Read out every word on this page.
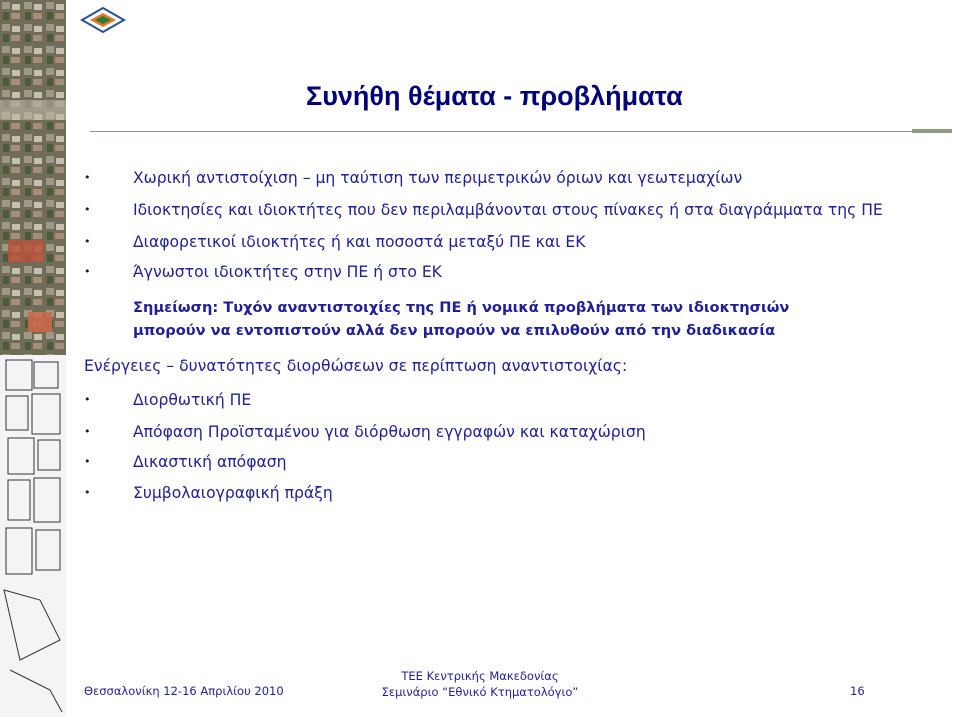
Συνήθη θέματα - προβλήματα
•	Χωρική αντιστοίχιση – μη ταύτιση των περιμετρικών όριων και γεωτεμαχίων
•	Ιδιοκτησίες και ιδιοκτήτες που δεν περιλαμβάνονται στους πίνακες ή στα διαγράμματα της ΠΕ
•	Διαφορετικοί ιδιοκτήτες ή και ποσοστά μεταξύ ΠΕ και ΕΚ
•	Άγνωστοι ιδιοκτήτες στην ΠΕ ή στο ΕΚ
Σημείωση: Τυχόν αναντιστοιχίες της ΠΕ ή νομικά προβλήματα των ιδιοκτησιών
μπορούν να εντοπιστούν αλλά δεν μπορούν να επιλυθούν από την διαδικασία
Ενέργειες – δυνατότητες διορθώσεων σε περίπτωση αναντιστοιχίας:
•	Διορθωτική ΠΕ
•	Απόφαση Προϊσταμένου για διόρθωση εγγραφών και καταχώριση
•	Δικαστική απόφαση
•	Συμβολαιογραφική πράξη
Θεσσαλονίκη 12-16 Απριλίου 2010
ΤΕΕ Κεντρικής Μακεδονίας
Σεμινάριο “Εθνικό Κτηματολόγιο”	16
